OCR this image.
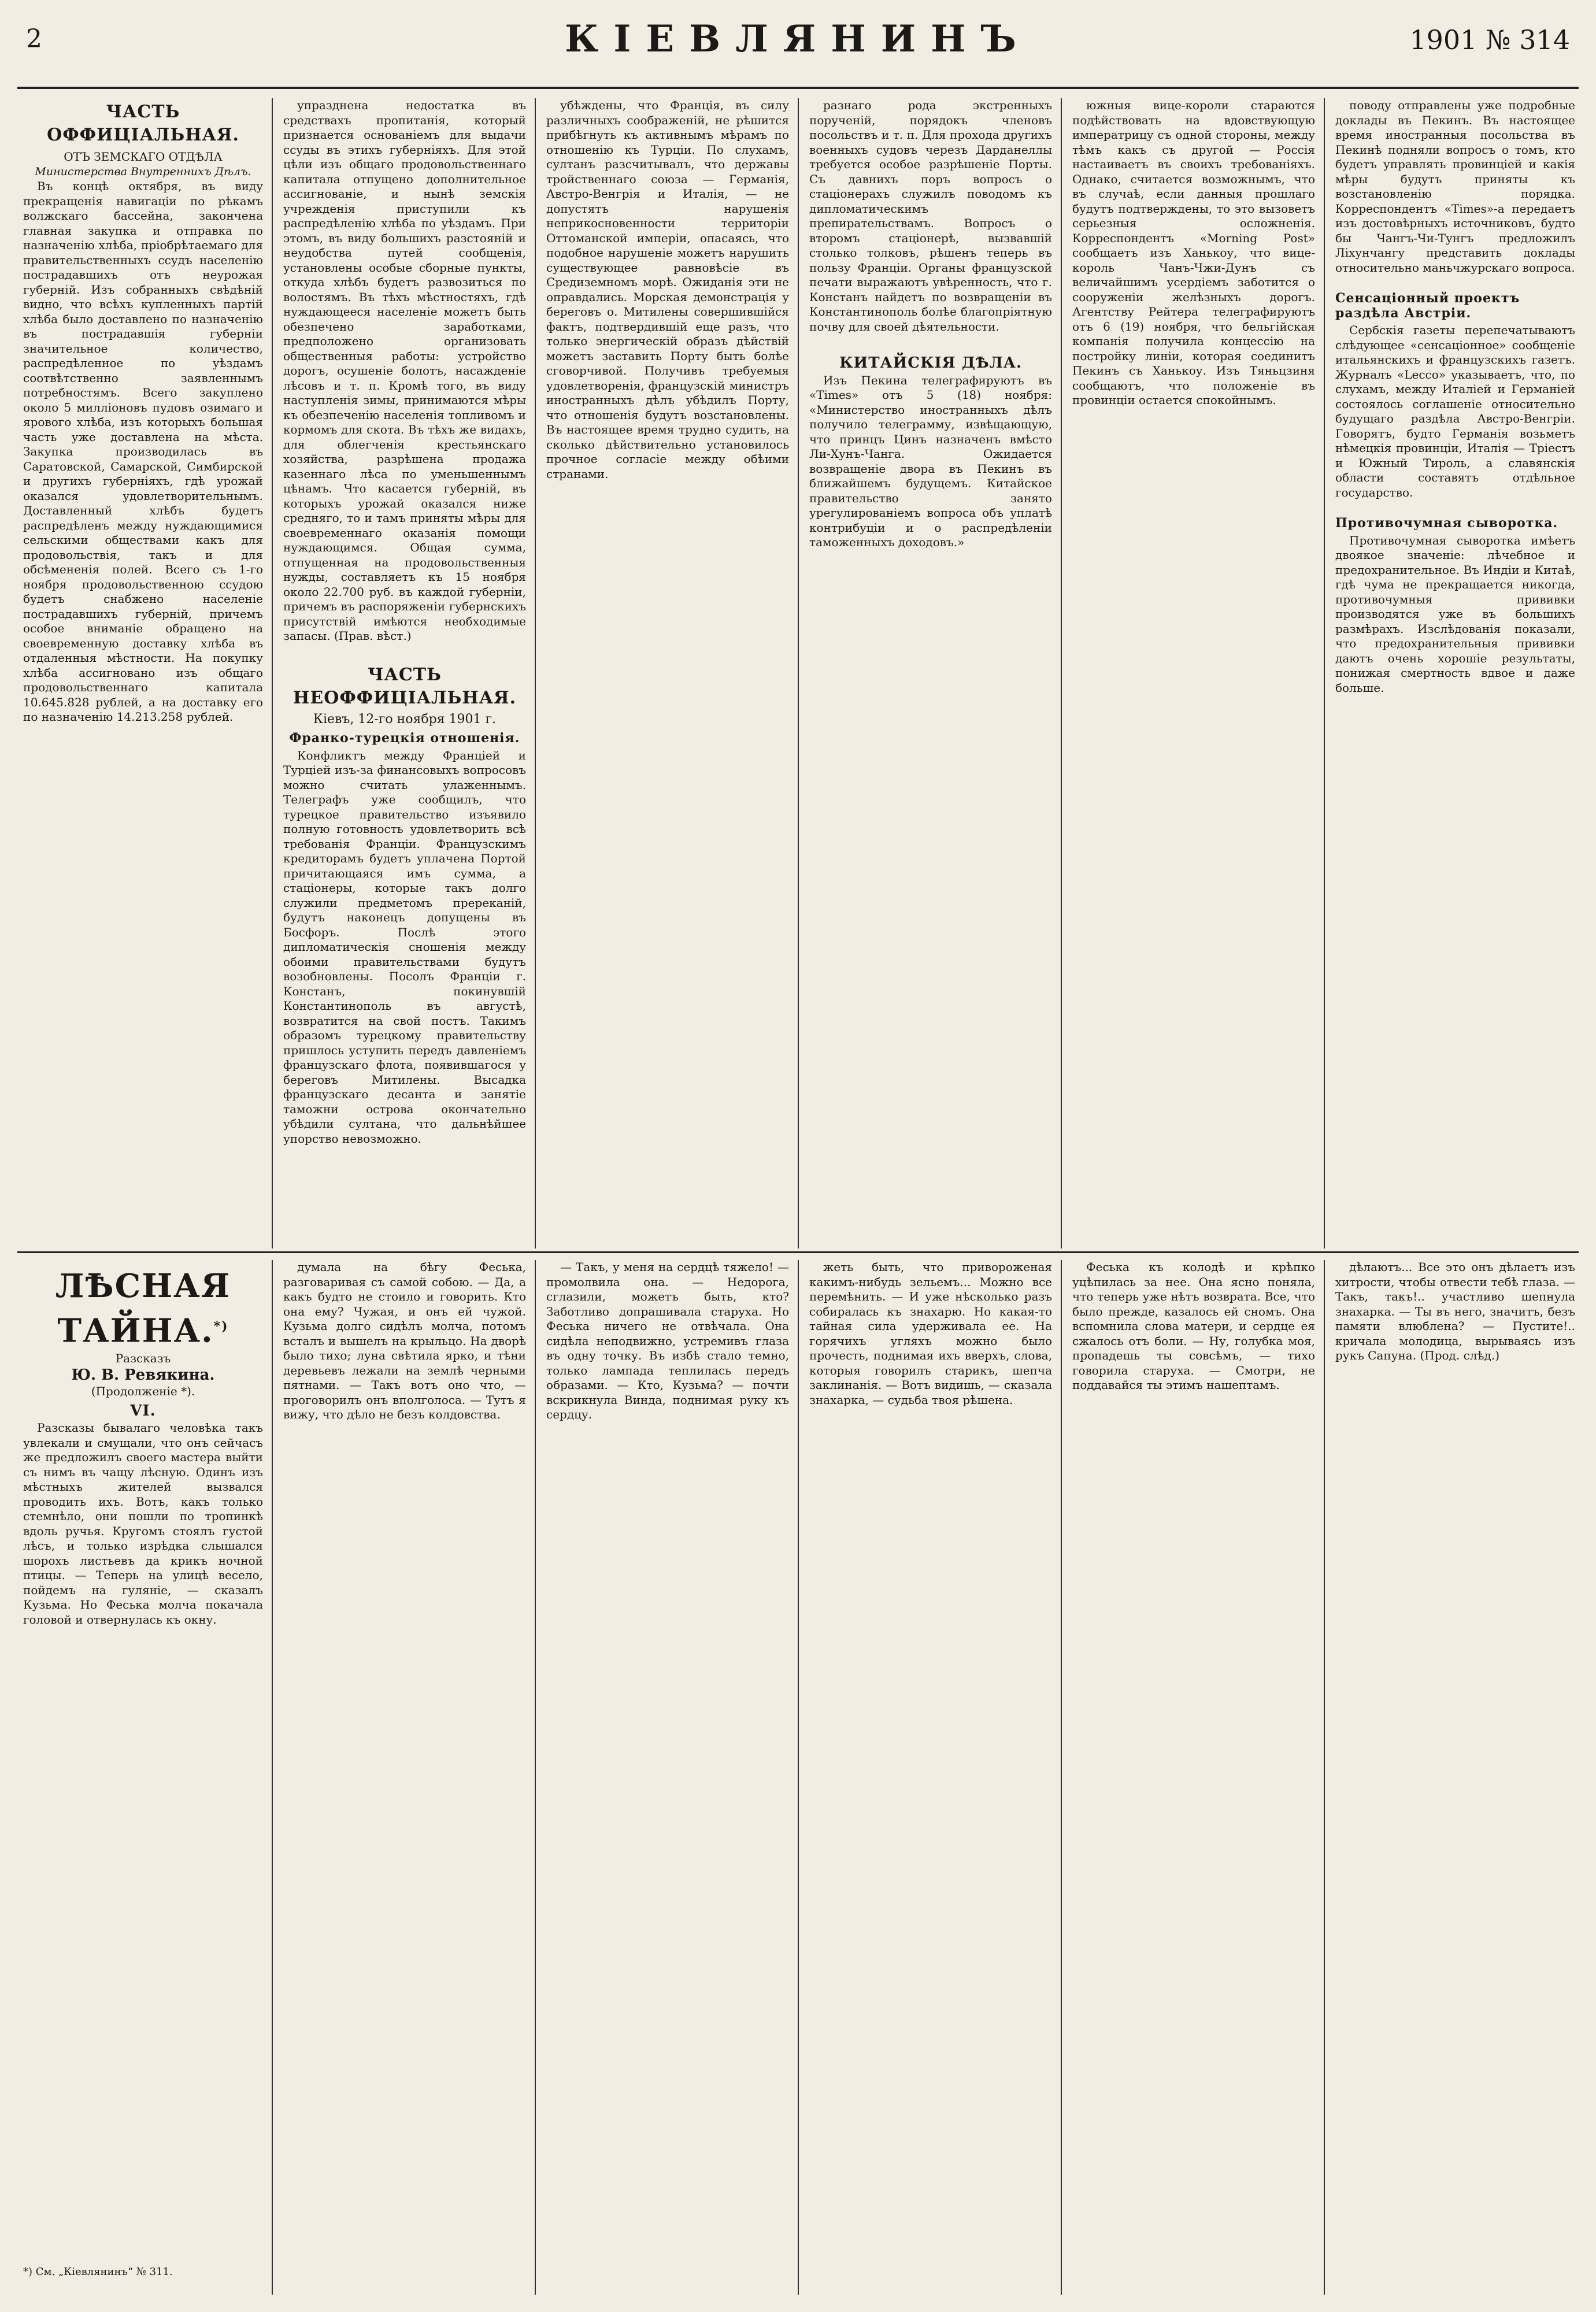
2	КІЕВЛЯНИНЪ	1901 № 314
ЧАСТЬ ОФФИЦІАЛЬНАЯ.
ОТЪ ЗЕМСКАГО ОТДѢЛА
Министерства Внутреннихъ Дѣлъ.

Въ концѣ октября, въ виду прекращенія навигаціи по рѣкамъ волжскаго бассейна, закончена главная закупка и отправка по назначенію хлѣба, пріобрѣтаемаго для правительственныхъ ссудъ населенію пострадавшихъ отъ неурожая губерній. Изъ собранныхъ свѣдѣній видно, что всѣхъ купленныхъ партій хлѣба было доставлено по назначенію въ пострадавшія губерніи значительное количество, распредѣленное по уѣздамъ соотвѣтственно заявленнымъ потребностямъ. Всего закуплено около 5 милліоновъ пудовъ озимаго и ярового хлѣба, изъ которыхъ большая часть уже доставлена на мѣста. Закупка производилась въ Саратовской, Самарской, Симбирской и другихъ губерніяхъ, гдѣ урожай оказался удовлетворительнымъ. Доставленный хлѣбъ будетъ распредѣленъ между нуждающимися сельскими обществами какъ для продовольствія, такъ и для обсѣмененія полей. Всего съ 1-го ноября продовольственною ссудою будетъ снабжено населеніе пострадавшихъ губерній, причемъ особое вниманіе обращено на своевременную доставку хлѣба въ отдаленныя мѣстности. На покупку хлѣба ассигновано изъ общаго продовольственнаго капитала 10.645.828 рублей, а на доставку его по назначенію 14.213.258 рублей.

упразднена недостатка въ средствахъ пропитанія, который признается основаніемъ для выдачи ссуды въ этихъ губерніяхъ. Для этой цѣли изъ общаго продовольственнаго капитала отпущено дополнительное ассигнованіе, и нынѣ земскія учрежденія приступили къ распредѣленію хлѣба по уѣздамъ. При этомъ, въ виду большихъ разстояній и неудобства путей сообщенія, установлены особые сборные пункты, откуда хлѣбъ будетъ развозиться по волостямъ. Въ тѣхъ мѣстностяхъ, гдѣ нуждающееся населеніе можетъ быть обезпечено заработками, предположено организовать общественныя работы: устройство дорогъ, осушеніе болотъ, насажденіе лѣсовъ и т. п. Кромѣ того, въ виду наступленія зимы, принимаются мѣры къ обезпеченію населенія топливомъ и кормомъ для скота. Въ тѣхъ же видахъ, для облегченія крестьянскаго хозяйства, разрѣшена продажа казеннаго лѣса по уменьшеннымъ цѣнамъ. Что касается губерній, въ которыхъ урожай оказался ниже средняго, то и тамъ приняты мѣры для своевременнаго оказанія помощи нуждающимся. Общая сумма, отпущенная на продовольственныя нужды, составляетъ къ 15 ноября около 22.700 руб. въ каждой губерніи, причемъ въ распоряженіи губернскихъ присутствій имѣются необходимые запасы. (Прав. вѣст.)

ЧАСТЬ НЕОФФИЦІАЛЬНАЯ.
Кіевъ, 12-го ноября 1901 г.
Франко-турецкія отношенія.

Конфликтъ между Франціей и Турціей изъ-за финансовыхъ вопросовъ можно считать улаженнымъ. Телеграфъ уже сообщилъ, что турецкое правительство изъявило полную готовность удовлетворить всѣ требованія Франціи. Французскимъ кредиторамъ будетъ уплачена Портой причитающаяся имъ сумма, а стаціонеры, которые такъ долго служили предметомъ пререканій, будутъ наконецъ допущены въ Босфоръ. Послѣ этого дипломатическія сношенія между обоими правительствами будутъ возобновлены. Посолъ Франціи г. Констанъ, покинувшій Константинополь въ августѣ, возвратится на свой постъ. Такимъ образомъ турецкому правительству пришлось уступить передъ давленіемъ французскаго флота, появившагося у береговъ Митилены. Высадка французскаго десанта и занятіе таможни острова окончательно убѣдили султана, что дальнѣйшее упорство невозможно.

убѣждены, что Франція, въ силу различныхъ соображеній, не рѣшится прибѣгнуть къ активнымъ мѣрамъ по отношенію къ Турціи. По слухамъ, султанъ разсчитывалъ, что державы тройственнаго союза — Германія, Австро-Венгрія и Италія, — не допустятъ нарушенія неприкосновенности территоріи Оттоманской имперіи, опасаясь, что подобное нарушеніе можетъ нарушить существующее равновѣсіе въ Средиземномъ морѣ. Ожиданія эти не оправдались. Морская демонстрація у береговъ о. Митилены совершившійся фактъ, подтвердившій еще разъ, что только энергическій образъ дѣйствій можетъ заставить Порту быть болѣе сговорчивой. Получивъ требуемыя удовлетворенія, французскій министръ иностранныхъ дѣлъ убѣдилъ Порту, что отношенія будутъ возстановлены. Въ настоящее время трудно судить, на сколько дѣйствительно установилось прочное согласіе между обѣими странами.

разнаго рода экстренныхъ порученій, порядокъ членовъ посольствъ и т. п. Для прохода другихъ военныхъ судовъ черезъ Дарданеллы требуется особое разрѣшеніе Порты. Съ давнихъ поръ вопросъ о стаціонерахъ служилъ поводомъ къ дипломатическимъ препирательствамъ. Вопросъ о второмъ стаціонерѣ, вызвавшій столько толковъ, рѣшенъ теперь въ пользу Франціи. Органы французской печати выражаютъ увѣренность, что г. Констанъ найдетъ по возвращеніи въ Константинополь болѣе благопріятную почву для своей дѣятельности.

КИТАЙСКІЯ ДѢЛА.

Изъ Пекина телеграфируютъ въ «Times» отъ 5 (18) ноября: «Министерство иностранныхъ дѣлъ получило телеграмму, извѣщающую, что принцъ Цинъ назначенъ вмѣсто Ли-Хунъ-Чанга. Ожидается возвращеніе двора въ Пекинъ въ ближайшемъ будущемъ. Китайское правительство занято урегулированіемъ вопроса объ уплатѣ контрибуціи и о распредѣленіи таможенныхъ доходовъ.»

южныя вице-короли стараются подѣйствовать на вдовствующую императрицу съ одной стороны, между тѣмъ какъ съ другой — Россія настаиваетъ въ своихъ требованіяхъ. Однако, считается возможнымъ, что въ случаѣ, если данныя прошлаго будутъ подтверждены, то это вызоветъ серьезныя осложненія. Корреспондентъ «Morning Post» сообщаетъ изъ Ханькоу, что вице-король Чанъ-Чжи-Дунъ съ величайшимъ усердіемъ заботится о сооруженіи желѣзныхъ дорогъ. Агентству Рейтера телеграфируютъ отъ 6 (19) ноября, что бельгійская компанія получила концессію на постройку линіи, которая соединитъ Пекинъ съ Ханькоу. Изъ Тяньцзиня сообщаютъ, что положеніе въ провинціи остается спокойнымъ.

поводу отправлены уже подробные доклады въ Пекинъ. Въ настоящее время иностранныя посольства въ Пекинѣ подняли вопросъ о томъ, кто будетъ управлять провинціей и какія мѣры будутъ приняты къ возстановленію порядка. Корреспондентъ «Times»-а передаетъ изъ достовѣрныхъ источниковъ, будто бы Чангъ-Чи-Тунгъ предложилъ Ліхунчангу представить доклады относительно маньчжурскаго вопроса.

Сенсаціонный проектъ раздѣла Австріи.

Сербскія газеты перепечатываютъ слѣдующее «сенсаціонное» сообщеніе итальянскихъ и французскихъ газетъ. Журналъ «Lecco» указываетъ, что, по слухамъ, между Италіей и Германіей состоялось соглашеніе относительно будущаго раздѣла Австро-Венгріи. Говорятъ, будто Германія возьметъ нѣмецкія провинціи, Италія — Тріестъ и Южный Тироль, а славянскія области составятъ отдѣльное государство.

Противочумная сыворотка.

Противочумная сыворотка имѣетъ двоякое значеніе: лѣчебное и предохранительное. Въ Индіи и Китаѣ, гдѣ чума не прекращается никогда, противочумныя прививки производятся уже въ большихъ размѣрахъ. Изслѣдованія показали, что предохранительныя прививки даютъ очень хорошіе результаты, понижая смертность вдвое и даже больше.

ЛѢСНАЯ ТАЙНА.*)
Разсказъ
Ю. В. Ревякина.
(Продолженіе *).
VI.

Разсказы бывалаго человѣка такъ увлекали и смущали, что онъ сейчасъ же предложилъ своего мастера выйти съ нимъ въ чащу лѣсную. Одинъ изъ мѣстныхъ жителей вызвался проводить ихъ. Вотъ, какъ только стемнѣло, они пошли по тропинкѣ вдоль ручья. Кругомъ стоялъ густой лѣсъ, и только изрѣдка слышался шорохъ листьевъ да крикъ ночной птицы. — Теперь на улицѣ весело, пойдемъ на гуляніе, — сказалъ Кузьма. Но Феська молча покачала головой и отвернулась къ окну.

*) См. „Кіевлянинъ“ № 311.

думала на бѣгу Феська, разговаривая съ самой собою. — Да, а какъ будто не стоило и говорить. Кто она ему? Чужая, и онъ ей чужой. Кузьма долго сидѣлъ молча, потомъ всталъ и вышелъ на крыльцо. На дворѣ было тихо; луна свѣтила ярко, и тѣни деревьевъ лежали на землѣ черными пятнами. — Такъ вотъ оно что, — проговорилъ онъ вполголоса. — Тутъ я вижу, что дѣло не безъ колдовства.

— Такъ, у меня на сердцѣ тяжело! — промолвила она. — Недорога, сглазили, можетъ быть, кто? Заботливо допрашивала старуха. Но Феська ничего не отвѣчала. Она сидѣла неподвижно, устремивъ глаза въ одну точку. Въ избѣ стало темно, только лампада теплилась передъ образами. — Кто, Кузьма? — почти вскрикнула Винда, поднимая руку къ сердцу.

жеть быть, что привороженая какимъ-нибудь зельемъ... Можно все перемѣнить. — И уже нѣсколько разъ собиралась къ знахарю. Но какая-то тайная сила удерживала ее. На горячихъ угляхъ можно было прочесть, поднимая ихъ вверхъ, слова, которыя говорилъ старикъ, шепча заклинанія. — Вотъ видишь, — сказала знахарка, — судьба твоя рѣшена.

Феська къ колодѣ и крѣпко уцѣпилась за нее. Она ясно поняла, что теперь уже нѣтъ возврата. Все, что было прежде, казалось ей сномъ. Она вспомнила слова матери, и сердце ея сжалось отъ боли. — Ну, голубка моя, пропадешь ты совсѣмъ, — тихо говорила старуха. — Смотри, не поддавайся ты этимъ нашептамъ.

дѣлаютъ... Все это онъ дѣлаетъ изъ хитрости, чтобы отвести тебѣ глаза. — Такъ, такъ!.. участливо шепнула знахарка. — Ты въ него, значитъ, безъ памяти влюблена? — Пустите!.. кричала молодица, вырываясь изъ рукъ Сапуна. (Прод. слѣд.)
